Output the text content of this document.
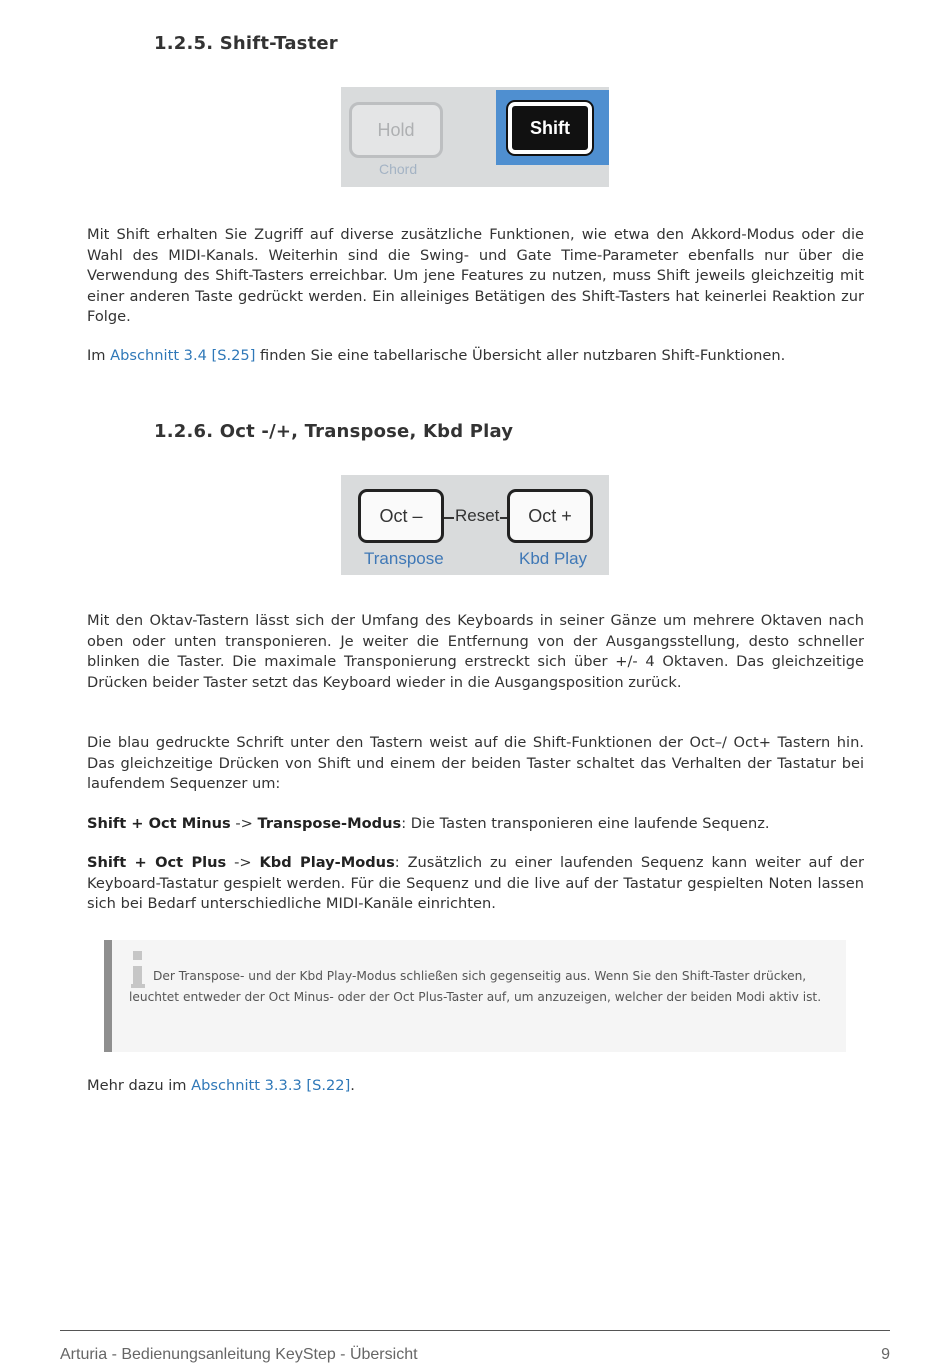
1.2.5. Shift-Taster
Hold
Chord
Shift
Mit Shift erhalten Sie Zugriff auf diverse zusätzliche Funktionen, wie etwa den Akkord-Modus oder die Wahl des MIDI-Kanals. Weiterhin sind die Swing- und Gate Time-Parameter ebenfalls nur über die Verwendung des Shift-Tasters erreichbar. Um jene Features zu nutzen, muss Shift jeweils gleichzeitig mit einer anderen Taste gedrückt werden. Ein alleiniges Betätigen des Shift-Tasters hat keinerlei Reaktion zur Folge.
Im Abschnitt 3.4 [S.25] finden Sie eine tabellarische Übersicht aller nutzbaren Shift-Funktionen.
1.2.6. Oct -/+, Transpose, Kbd Play
Oct –	Reset	Oct +
Transpose	Kbd Play
Mit den Oktav-Tastern lässt sich der Umfang des Keyboards in seiner Gänze um mehrere Oktaven nach oben oder unten transponieren. Je weiter die Entfernung von der Ausgangsstellung, desto schneller blinken die Taster. Die maximale Transponierung erstreckt sich über +/- 4 Oktaven. Das gleichzeitige Drücken beider Taster setzt das Keyboard wieder in die Ausgangsposition zurück.
Die blau gedruckte Schrift unter den Tastern weist auf die Shift-Funktionen der Oct–/ Oct+ Tastern hin. Das gleichzeitige Drücken von Shift und einem der beiden Taster schaltet das Verhalten der Tastatur bei laufendem Sequenzer um:
Shift + Oct Minus -> Transpose-Modus: Die Tasten transponieren eine laufende Sequenz.
Shift + Oct Plus -> Kbd Play-Modus: Zusätzlich zu einer laufenden Sequenz kann weiter auf der Keyboard-Tastatur gespielt werden. Für die Sequenz und die live auf der Tastatur gespielten Noten lassen sich bei Bedarf unterschiedliche MIDI-Kanäle einrichten.
Der Transpose- und der Kbd Play-Modus schließen sich gegenseitig aus. Wenn Sie den Shift-Taster drücken, leuchtet entweder der Oct Minus- oder der Oct Plus-Taster auf, um anzuzeigen, welcher der beiden Modi aktiv ist.
Mehr dazu im Abschnitt 3.3.3 [S.22].
Arturia - Bedienungsanleitung KeyStep - Übersicht	9
